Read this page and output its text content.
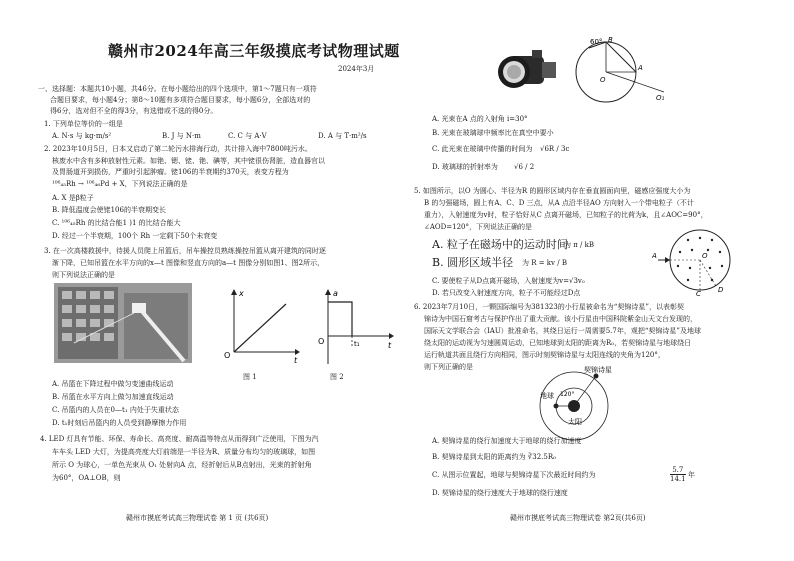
赣州市2024年高三年级摸底考试物理试题
2024年3月
一、选择题：本题共10小题，共46分。在每小题给出的四个选项中，第1～7题只有一项符
合题目要求，每小题4分；第8～10题有多项符合题目要求，每小题6分，全部选对的
得6分，选对但不全的得3分，有选错或不选的得0分。
1. 下列单位等价的一组是
A. N·s 与 kg·m/s²	B. J 与 N·m	C. C 与 A·V	D. A 与 T·m²/s
2. 2023年10月5日，日本又启动了第二轮污水排海行动，共计排入海中7800吨污水。
核废水中含有多种放射性元素。如铯、锶、铑、铯、碘等，其中铑很伤肾脏，造血器官以
及胃肠道开到损伤，严重时引起肿瘤。铑106的半衰期约370天，表变方程为
¹⁰⁶₄₅Rh → ¹⁰⁶₄₆Pd + X，下列说法正确的是
A. X 是β粒子
B. 降低温度会使铑106的半衰期变长
C. ¹⁰⁶₄₅Rh 的比结合能1 )1 的比结合能大
D. 经过一个半衰期，100个 Rh 一定剩下50个未衰变
3. 在一次高楼救援中，待援人员爬上吊篮后，吊车操控员熟练操控吊篮从离开建筑的同时逐
渐下降，已知吊篮在水平方向的x—t 图像和竖直方向的a—t 图像分别如图1、图2所示，
则下列说法正确的是
O
x
t
图 1
O
a
t
t₁
图 2
A. 吊篮在下降过程中做匀变速曲线运动
B. 吊篮在水平方向上做匀加速直线运动
C. 吊篮内的人员在0—t₁ 内处于失重状态
D. t₁时刻后吊篮内的人员受到静摩擦力作用
4. LED 灯具有节能、环保、寿命长、高亮度、耐高温等特点从而得到广泛使用，下图为汽
车车头 LED 大灯，为提高亮度大灯前端是一半径为R、质量分布均匀的玻璃球，如图
所示 O 为球心，一单色光束从 O₁ 处射向A 点，经折射后从B点射出，光束的折射角
为60°，OA⊥OB，则
赣州市摸底考试高三物理试卷 第 1 页 (共6页)
60° B
A
O
O₁
A. 光束在A 点的入射角 i=30°
B. 光束在玻璃球中频率比在真空中要小
C. 此光束在玻璃中传播的时间为 √6R / 3c
D. 玻璃球的折射率为 √6 / 2
5. 如图所示，以O 为圆心、半径为R 的圆形区域内存在垂直圆面向里，磁感应强度大小为
B 的匀强磁场，圆上有A、C、D 三点，从A 点沿半径AO 方向射入一个带电粒子（不计
重力），入射速度为v时，粒子恰好从C 点离开磁场，已知粒子的比荷为k，且∠AOC=90°，
∠AOD=120°，下列说法正确的是
A	O
C D
A. 粒子在磁场中的运动时间
为 π / kB
B. 圆形区域半径 为 R = kv / B
C. 要使粒子从D点离开磁场，入射速度为v=√3v₀
D. 若只改变入射速度方向，粒子不可能经过D点
6. 2023年7月10日，一颗国际编号为381323的小行星被命名为“契锦诗星”，以表彰契
锦诗为中国石窟考古与保护作出了重大贡献。该小行星由中国科院紫金山天文台发现的，
国际天文学联合会（IAU）批准命名，其绕日运行一周需要5.7年，观把“契锦诗星”及地球
绕太阳的运动视为匀速圆周运动，已知地球到太阳的距离为R₀，若契锦诗星与地球绕日
运行轨道共面且绕行方向相同，图示时刻契锦诗星与太阳连线的夹角为120°，
则下列正确的是	契锦诗星
地球
太阳
120°
A. 契锦诗星的绕行加速度大于地球的绕行加速度
B. 契锦诗星到太阳的距离约为 ∛32.5R₀
C. 从图示位置起，地球与契锦诗星下次最近时间约为	$\frac{5.7}{14.1}$ 年
D. 契锦诗星的绕行速度大于地球的绕行速度
赣州市摸底考试高三物理试卷 第2页(共6页)
